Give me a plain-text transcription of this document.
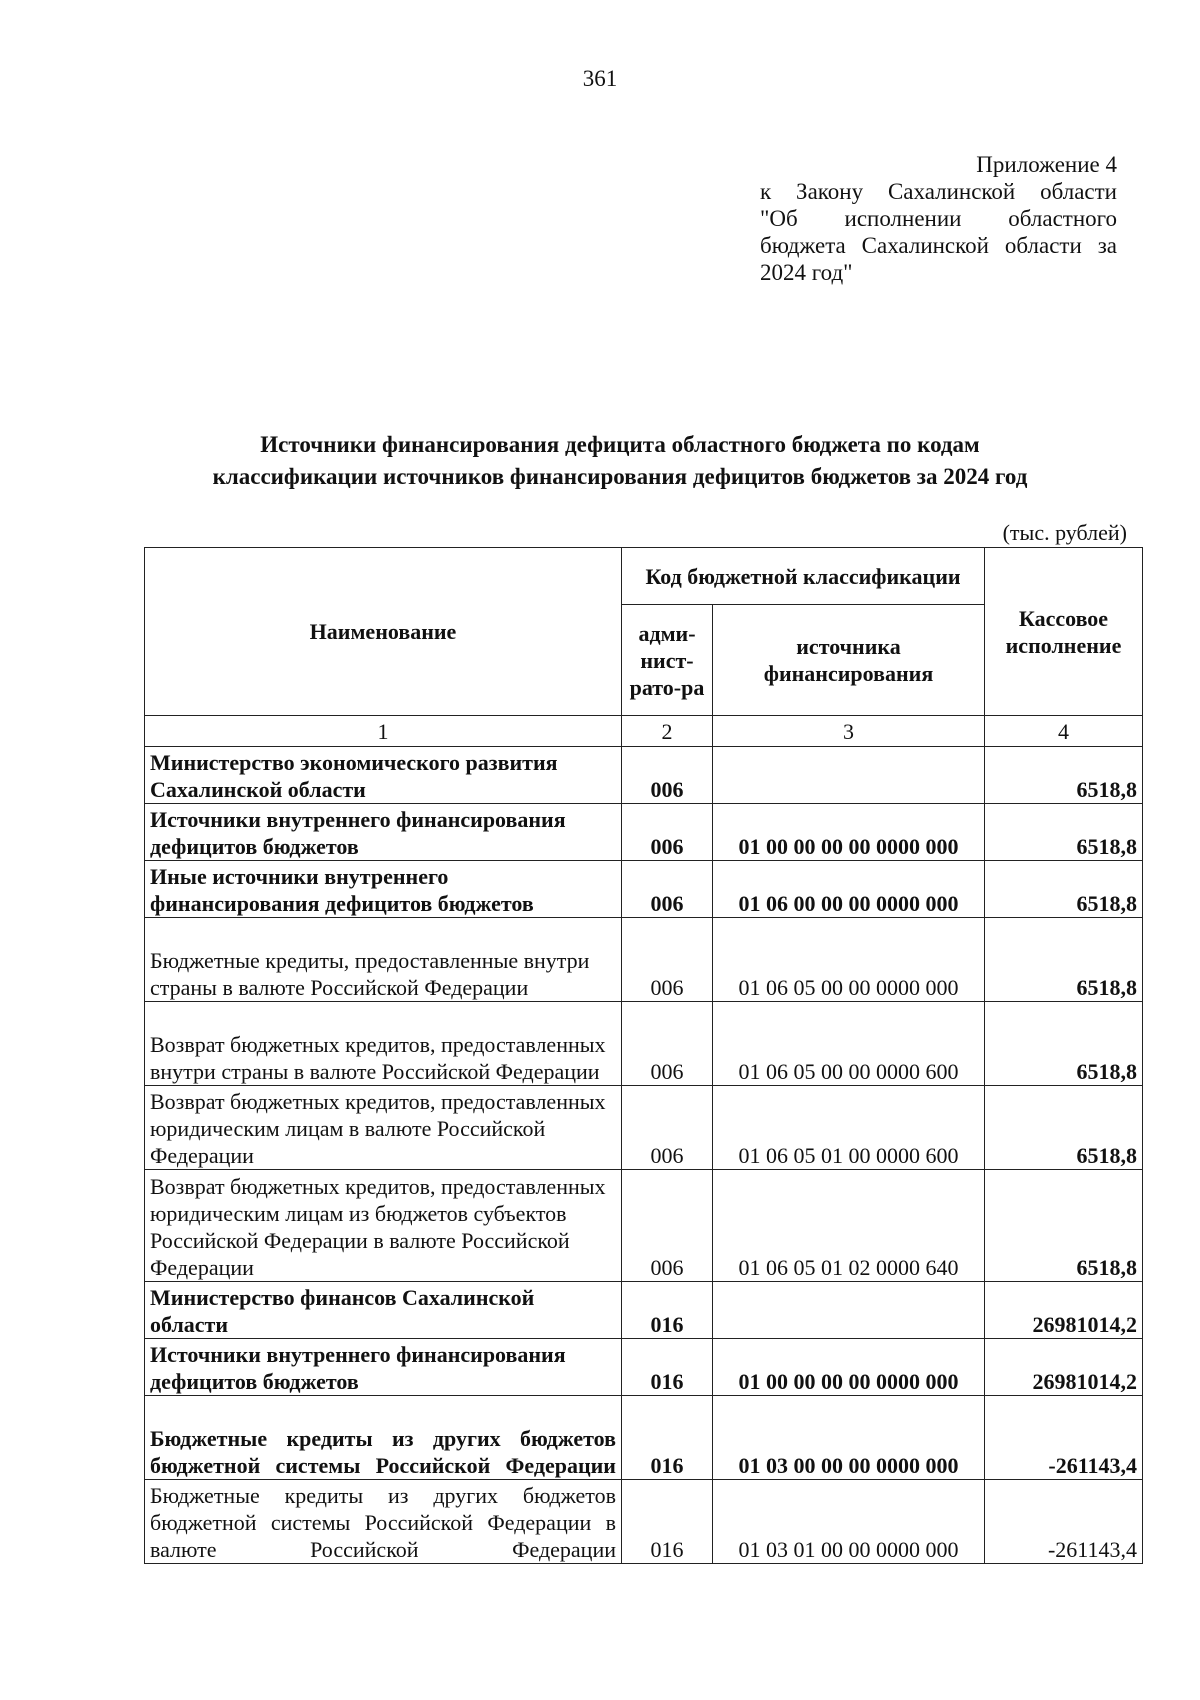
361
Приложение 4
к Закону Сахалинской области
"Об исполнении областного
бюджета Сахалинской области за
2024 год"
Источники финансирования дефицита областного бюджета по кодам
классификации источников финансирования дефицитов бюджетов за 2024 год
(тыс. рублей)
Наименование	Код бюджетной классификации		Кассовое исполнение
	адми-нист-рато-ра	источника финансирования	
1	2	3	4
Министерство экономического развития Сахалинской области	006		6518,8
Источники внутреннего финансирования дефицитов бюджетов	006	01 00 00 00 00 0000 000	6518,8
Иные источники внутреннего финансирования дефицитов бюджетов	006	01 06 00 00 00 0000 000	6518,8
Бюджетные кредиты, предоставленные внутри страны в валюте Российской Федерации	006	01 06 05 00 00 0000 000	6518,8
Возврат бюджетных кредитов, предоставленных внутри страны в валюте Российской Федерации	006	01 06 05 00 00 0000 600	6518,8
Возврат бюджетных кредитов, предоставленных юридическим лицам в валюте Российской Федерации	006	01 06 05 01 00 0000 600	6518,8
Возврат бюджетных кредитов, предоставленных юридическим лицам из бюджетов субъектов Российской Федерации в валюте Российской Федерации	006	01 06 05 01 02 0000 640	6518,8
Министерство финансов Сахалинской области	016		26981014,2
Источники внутреннего финансирования дефицитов бюджетов	016	01 00 00 00 00 0000 000	26981014,2
Бюджетные кредиты из других бюджетов бюджетной системы Российской Федерации	016	01 03 00 00 00 0000 000	-261143,4
Бюджетные кредиты из других бюджетов бюджетной системы Российской Федерации в валюте Российской Федерации	016	01 03 01 00 00 0000 000	-261143,4
